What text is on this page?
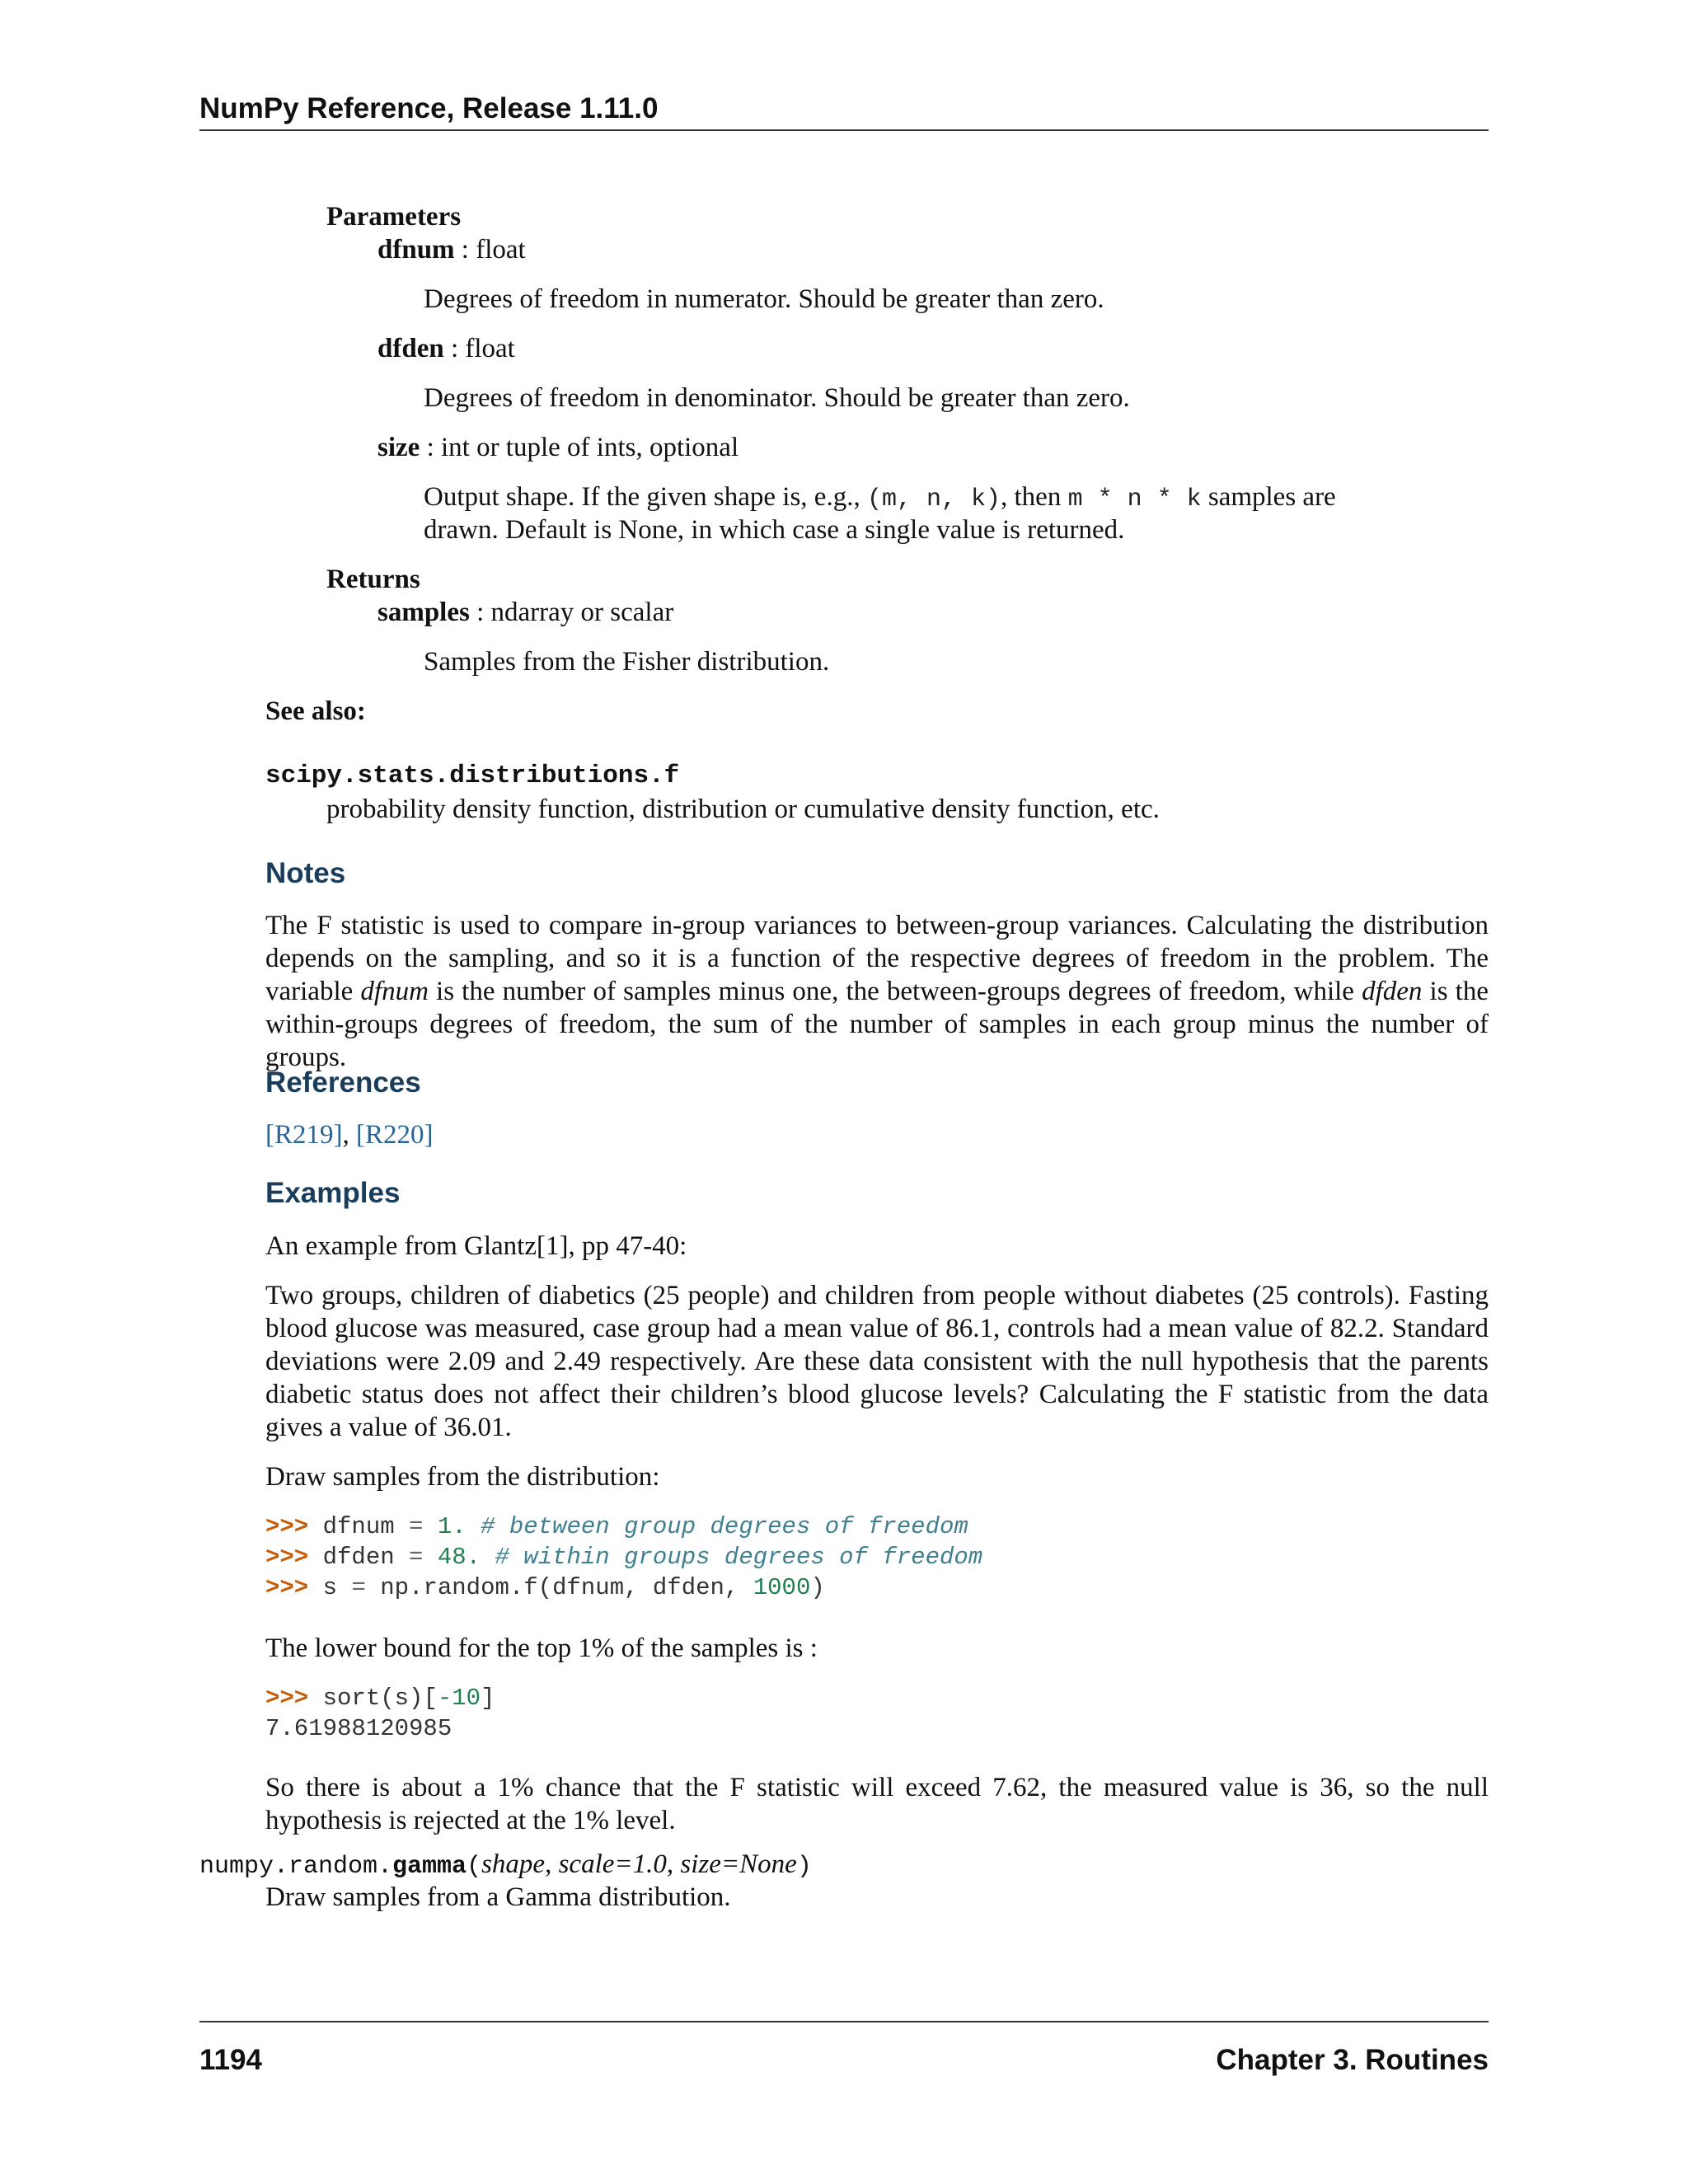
NumPy Reference, Release 1.11.0
Parameters
dfnum : float
Degrees of freedom in numerator. Should be greater than zero.
dfden : float
Degrees of freedom in denominator. Should be greater than zero.
size : int or tuple of ints, optional
Output shape. If the given shape is, e.g., (m, n, k), then m * n * k samples are
drawn. Default is None, in which case a single value is returned.
Returns
samples : ndarray or scalar
Samples from the Fisher distribution.
See also:
scipy.stats.distributions.f
probability density function, distribution or cumulative density function, etc.
Notes
The F statistic is used to compare in-group variances to between-group variances. Calculating the distribution depends on the sampling, and so it is a function of the respective degrees of freedom in the problem. The variable dfnum is the number of samples minus one, the between-groups degrees of freedom, while dfden is the within-groups degrees of freedom, the sum of the number of samples in each group minus the number of groups.
References
[R219], [R220]
Examples
An example from Glantz[1], pp 47-40:
Two groups, children of diabetics (25 people) and children from people without diabetes (25 controls). Fasting blood glucose was measured, case group had a mean value of 86.1, controls had a mean value of 82.2. Standard deviations were 2.09 and 2.49 respectively. Are these data consistent with the null hypothesis that the parents diabetic status does not affect their children’s blood glucose levels? Calculating the F statistic from the data gives a value of 36.01.
Draw samples from the distribution:
>>> dfnum = 1. # between group degrees of freedom
>>> dfden = 48. # within groups degrees of freedom
>>> s = np.random.f(dfnum, dfden, 1000)
The lower bound for the top 1% of the samples is :
>>> sort(s)[-10]
7.61988120985
So there is about a 1% chance that the F statistic will exceed 7.62, the measured value is 36, so the null hypothesis is rejected at the 1% level.
numpy.random.gamma(shape, scale=1.0, size=None)
Draw samples from a Gamma distribution.
1194	Chapter 3. Routines
